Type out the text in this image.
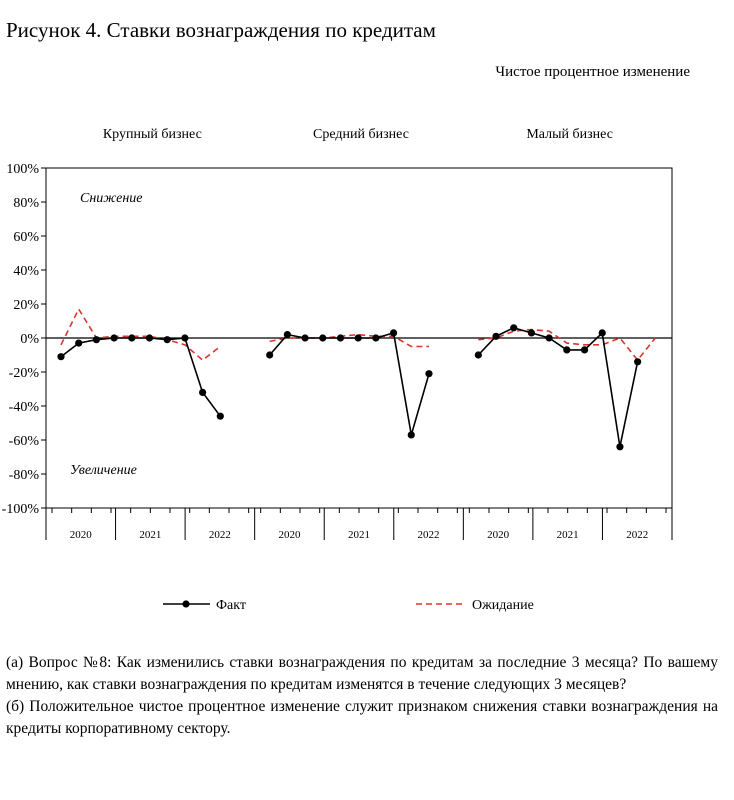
Рисунок 4. Ставки вознаграждения по кредитам
Чистое процентное изменение
100%
80%
60%
40%
20%
0%
-20%
-40%
-60%
-80%
-100%
Снижение
Увеличение
Крупный бизнес
2020	2021	2022
Средний бизнес
2020	2021	2022
Малый бизнес
2020	2021	2022
Факт	Ожидание

(а) Вопрос №8: Как изменились ставки вознаграждения по кредитам за последние 3 месяца? По вашему мнению, как ставки вознаграждения по кредитам изменятся в течение следующих 3 месяцев?

(б) Положительное чистое процентное изменение служит признаком снижения ставки вознаграждения на кредиты корпоративному сектору.
